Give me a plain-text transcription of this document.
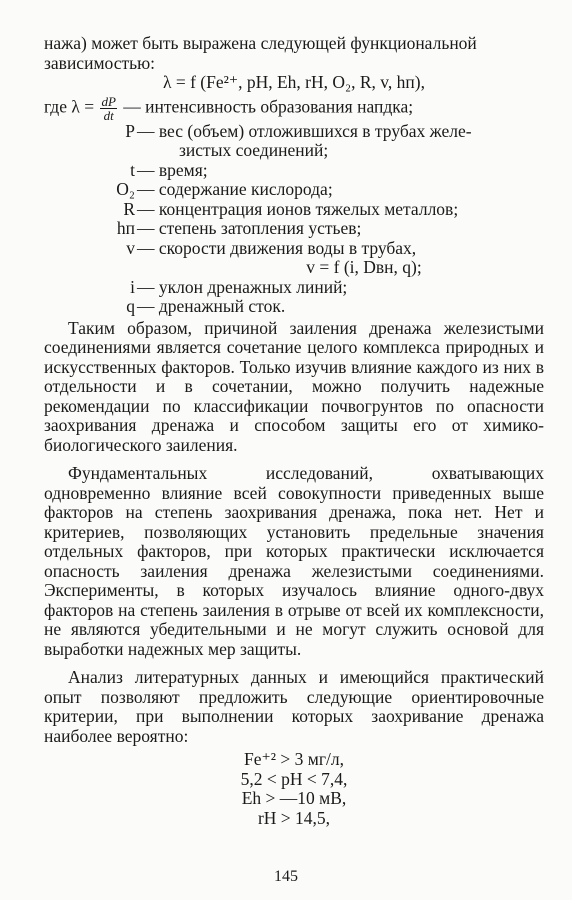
нажа) может быть выражена следующей функциональной

зависимостью:

λ = f (Fe²⁺, pH, Eh, rH, O₂, R, v, hп),

где $\lambda = \frac{dP}{dt}$ — интенсивность образования напдка;

P — вес (объем) отложившихся в трубах желе-

зистых соединений;

t — время;

O₂ — содержание кислорода;

R — концентрация ионов тяжелых металлов;

hп — степень затопления устьев;

v — скорости движения воды в трубах,

v = f (i, Dвн, q);

i — уклон дренажных линий;

q — дренажный сток.

Таким образом, причиной заиления дренажа железистыми соединениями является сочетание целого комплекса природных и искусственных факторов. Только изучив влияние каждого из них в отдельности и в сочетании, можно получить надежные рекомендации по классификации почвогрунтов по опасности заохривания дренажа и способом защиты его от химико-биологического заиления.

Фундаментальных исследований, охватывающих одновременно влияние всей совокупности приведенных выше факторов на степень заохривания дренажа, пока нет. Нет и критериев, позволяющих установить предельные значения отдельных факторов, при которых практически исключается опасность заиления дренажа железистыми соединениями. Эксперименты, в которых изучалось влияние одного-двух факторов на степень заиления в отрыве от всей их комплексности, не являются убедительными и не могут служить основой для выработки надежных мер защиты.

Анализ литературных данных и имеющийся практический опыт позволяют предложить следующие ориентировочные критерии, при выполнении которых заохривание дренажа наиболее вероятно:

Fe⁺² > 3 мг/л,

5,2 < pH < 7,4,

Eh > —10 мВ,

rH > 14,5,

145
